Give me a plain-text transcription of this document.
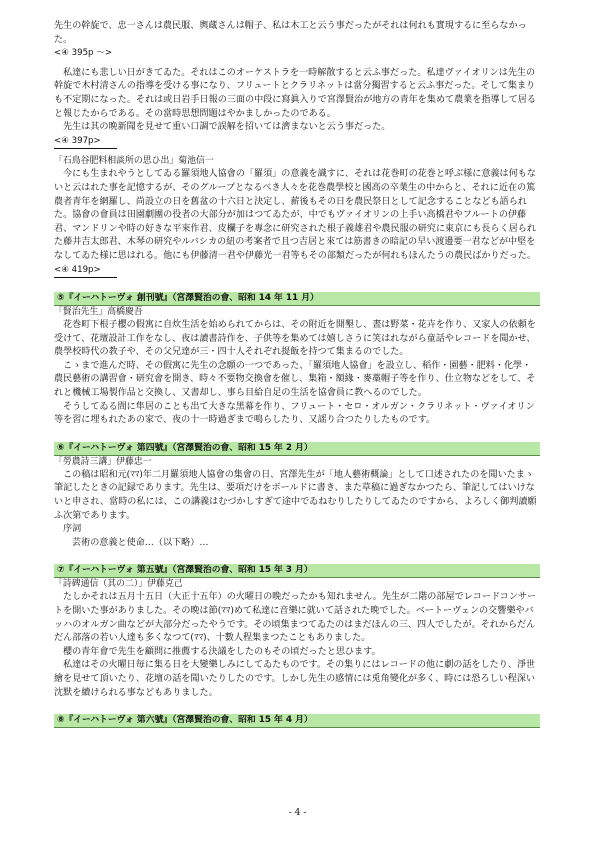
先生の幹旋で、忠一さんは農民服、輿蔵さんは帽子、私は木工と云う事だったがそれは何れも實現するに至らなかった。

<④ 395p ～>

私達にも悲しい日がきてゐた。それはこのオーケストラを一時解散すると云ふ事だった。私達ヴァイオリンは先生の幹旋で木村清さんの指導を受ける事になり、フリュートとクラリネットは當分獨習すると云ふ事だった。そして集まりも不定期になった。それは或日岩手日報の三面の中段に寫眞入りで宮澤賢治が地方の青年を集めて農業を指導して居ると報じたからである。その當時思想問題はやかましかったのである。

先生は其の晩新聞を見せて重い口調で誤解を招いては濟まないと云う事だった。

<④ 397p>

「石鳥谷肥料相談所の思ひ出」菊池信一

今にも生まれやうとしてゐる羅須地人協會の「羅須」の意義を識すに、それは花巻町の花巻と呼ぶ様に意義は何もないと云はれた事を記憶するが、そのグループとなるべき人々を花巻農學校と國高の卒業生の中からと、それに近在の篤農者青年を網羅し、尚設立の日を舊盆の十六日と決定し、薪後もその日を農民祭日として記念することなども語られた。協會の會員は田園劇團の役者の大部分が加はつてゐたが、中でもヴァイオリンの上手い高橋君やフルートの伊藤君、マンドリンや時の好きな平來作君、皮欄子を專念に研究された根子義雄君や農民服の研究に東京にも長らく居られた藤井吉太郎君、木琴の研究やルバシカの紐の考案者で且つ吉居と來ては筋書きの暗記の早い渡邊要一君などが中堅をなしてゐた様に思はれる。他にも伊藤清一君や伊藤光一君等もその部類だったが何れもほんたうの農民ばかりだった。

<④ 419p>

⑤『イーハトーヴォ 創刊號』（宮澤賢治の會、昭和 14 年 11 月）

「賢治先生」高橋慶吾

花巻町下根子櫻の假寓に自炊生活を始められてからは、その附近を開墾し、晝は野菜・花卉を作り、又家人の依頼を受けて、花壇設計工作をなし、夜は讀書詩作を、子供等を集めては嬉しさうに笑はれながら童話やレコードを聞かせ、農學校時代の教子や、その父兄達が三・四十人それぞれ提飯を持つて集まるのでした。

こゝまで進んだ時、その假寓に先生の念願の一つであった、「羅須地人協會」を設立し、稻作・園藝・肥料・化學・農民藝術の講習會・研究會を開き、時々不要物交換會を催し、集箱・額緣・麥藁帽子等を作り、仕立物などをして、それと機械工場製作品と交換し、又書却し、事ら目給自足の生活を協會員に教へるのでした。

そうしてゐる間に隼居のことも出て大きな黑幕を作り、フリュート・セロ・オルガン・クラリネット・ヴァイオリン等を習に埋もれたあの家で、夜の十一時過ぎまで鳴らしたり、又謡り合つたりしたものです。

⑥『イーハトーヴォ 第四號』（宮澤賢治の會、昭和 15 年 2 月）

「勞農詩三講」伊藤忠一

この稿は昭和元(ﾏﾏ)年二月羅須地人協會の集會の日、宮澤先生が「地人藝術概論」として口述されたのを聞いたまゝ筆記したときの記録であります。先生は、要項だけをボールドに書き、また草稿に過ぎなかつたら、筆記してはいけないと申され、當時の私には、この講義はむづかしすぎて途中でゐねむりしたりしてゐたのですから、よろしく御判讀願ふ次第であります。

序詞

芸術の意義と使命…（以下略）…

⑦『イーハトーヴォ 第五號』（宮澤賢治の會、昭和 15 年 3 月）

「詩碑通信（其の二）」伊藤克己

たしかそれは五月十五日（大正十五年）の火曜日の晩だったかも知れません。先生が二階の部屋でレコードコンサートを開いた事がありました。その晩は節(ﾏﾏ)めて私達に音樂に就いて話された晩でした。ベートーヴェンの交響樂やバッハのオルガン曲などが大部分だったやうです。その頃集まつてゐたのはまだほんの三、四人でしたが。それからだんだん部落の若い人達も多くなつて(ﾏﾏ)、十數人程集まつたこともありました。

櫻の青年會で先生を顧問に推薦する決議をしたのもその頃だったと思ひます。

私達はその火曜日毎に集る日を大變樂しみにしてゐたものです。その集りにはレコードの他に劇の話をしたり、淨世繪を見せて頂いたり、花壇の話を聞いたりしたのです。しかし先生の感情には兎角變化が多く、時には恐ろしい程深い沈默を續けられる事などもありました。

⑧『イーハトーヴォ 第六號』（宮澤賢治の會、昭和 15 年 4 月）
- 4 -
